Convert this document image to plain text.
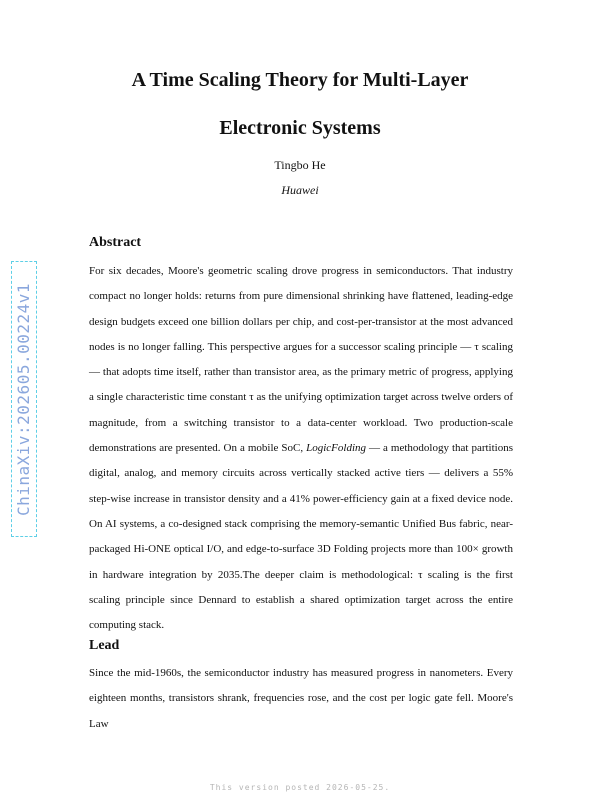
ChinaXiv:202605.00224v1
A Time Scaling Theory for Multi-Layer
Electronic Systems
Tingbo He
Huawei
Abstract

For six decades, Moore's geometric scaling drove progress in semiconductors. That industry compact no longer holds: returns from pure dimensional shrinking have flattened, leading-edge design budgets exceed one billion dollars per chip, and cost-per-transistor at the most advanced nodes is no longer falling. This perspective argues for a successor scaling principle — τ scaling — that adopts time itself, rather than transistor area, as the primary metric of progress, applying a single characteristic time constant τ as the unifying optimization target across twelve orders of magnitude, from a switching transistor to a data-center workload. Two production-scale demonstrations are presented. On a mobile SoC, LogicFolding — a methodology that partitions digital, analog, and memory circuits across vertically stacked active tiers — delivers a 55% step-wise increase in transistor density and a 41% power-efficiency gain at a fixed device node. On AI systems, a co-designed stack comprising the memory-semantic Unified Bus fabric, near-packaged Hi-ONE optical I/O, and edge-to-surface 3D Folding projects more than 100× growth in hardware integration by 2035.The deeper claim is methodological: τ scaling is the first scaling principle since Dennard to establish a shared optimization target across the entire computing stack.

Lead

Since the mid-1960s, the semiconductor industry has measured progress in nanometers. Every eighteen months, transistors shrank, frequencies rose, and the cost per logic gate fell. Moore's Law

This version posted 2026-05-25.
